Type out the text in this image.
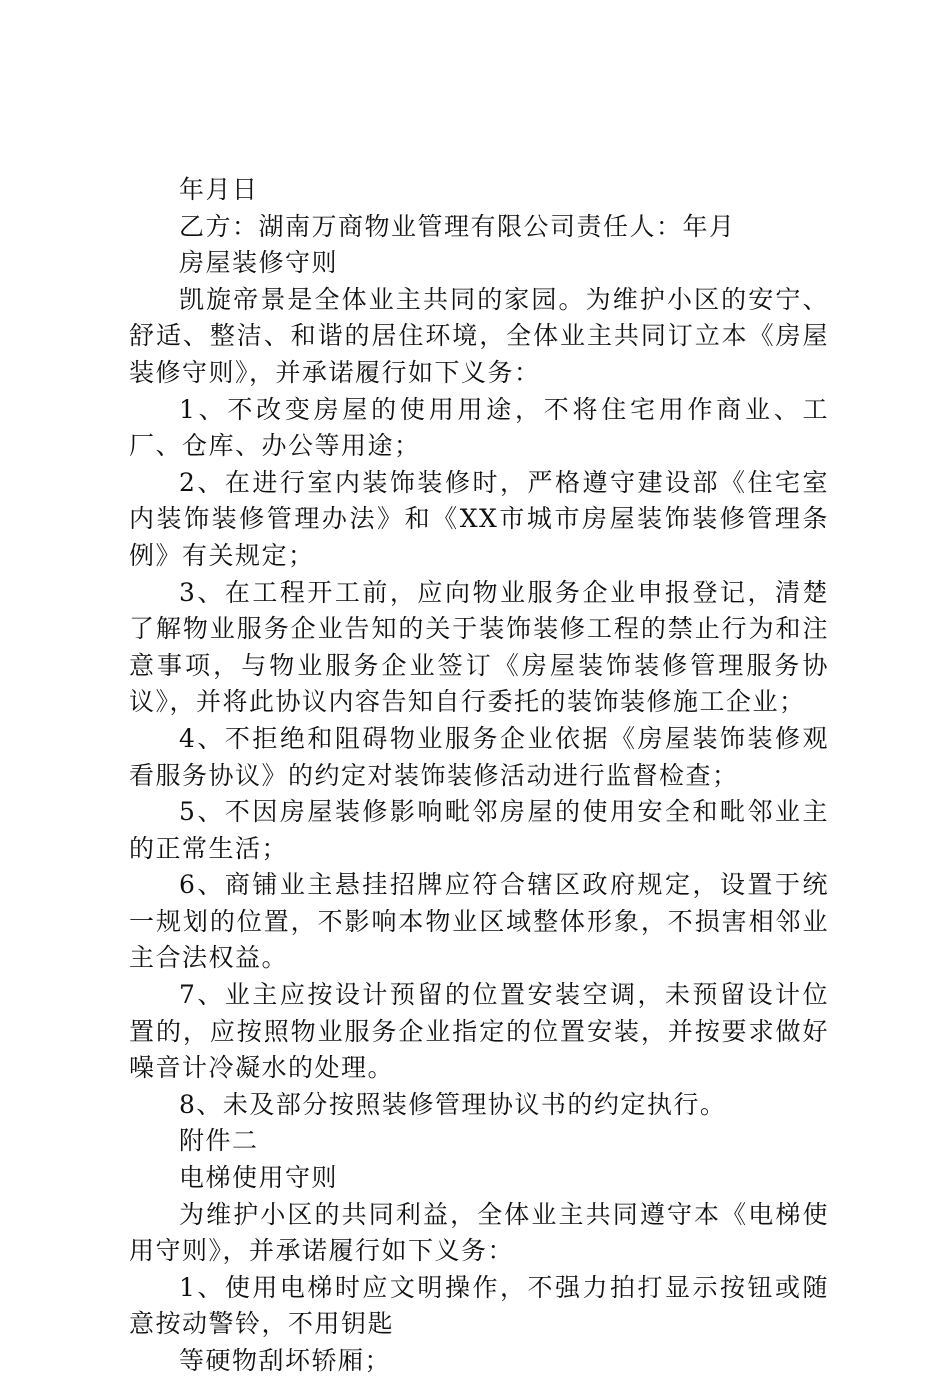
年月日

乙方：湖南万商物业管理有限公司责任人：年月

房屋装修守则

凯旋帝景是全体业主共同的家园。为维护小区的安宁、舒适、整洁、和谐的居住环境，全体业主共同订立本《房屋装修守则》，并承诺履行如下义务：

1、不改变房屋的使用用途，不将住宅用作商业、工厂、仓库、办公等用途；

2、在进行室内装饰装修时，严格遵守建设部《住宅室内装饰装修管理办法》和《XX市城市房屋装饰装修管理条例》有关规定；

3、在工程开工前，应向物业服务企业申报登记，清楚了解物业服务企业告知的关于装饰装修工程的禁止行为和注意事项，与物业服务企业签订《房屋装饰装修管理服务协议》，并将此协议内容告知自行委托的装饰装修施工企业；

4、不拒绝和阻碍物业服务企业依据《房屋装饰装修观看服务协议》的约定对装饰装修活动进行监督检查；

5、不因房屋装修影响毗邻房屋的使用安全和毗邻业主的正常生活；

6、商铺业主悬挂招牌应符合辖区政府规定，设置于统一规划的位置，不影响本物业区域整体形象，不损害相邻业主合法权益。

7、业主应按设计预留的位置安装空调，未预留设计位置的，应按照物业服务企业指定的位置安装，并按要求做好噪音计冷凝水的处理。

8、未及部分按照装修管理协议书的约定执行。

附件二

电梯使用守则

为维护小区的共同利益，全体业主共同遵守本《电梯使用守则》，并承诺履行如下义务：

1、使用电梯时应文明操作，不强力拍打显示按钮或随意按动警铃，不用钥匙

等硬物刮坏轿厢；
